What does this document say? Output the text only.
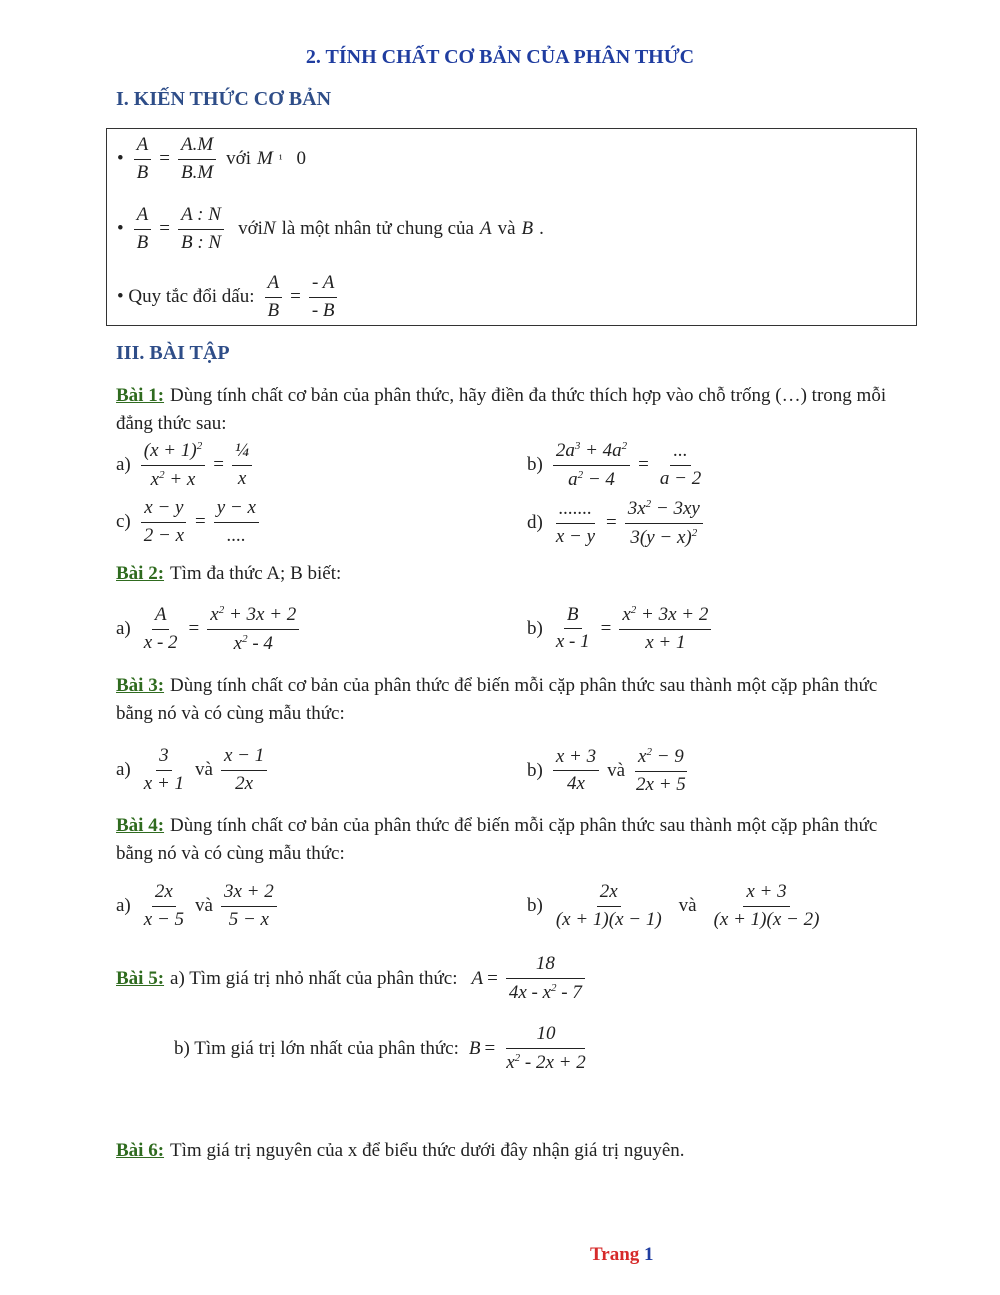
2. TÍNH CHẤT CƠ BẢN CỦA PHÂN THỨC
I. KIẾN THỨC CƠ BẢN
• $\frac{A}{B} = \frac{A.M}{B.M}$ với M ¹ 0
• $\frac{A}{B} = \frac{A : N}{B : N}$ với N là một nhân tử chung của A và B .
• Quy tắc đổi dấu: $\frac{A}{B} = \frac{- A}{- B}$
III. BÀI TẬP
Bài 1: Dùng tính chất cơ bản của phân thức, hãy điền đa thức thích hợp vào chỗ trống (…) trong mỗi đẳng thức sau:
$a) \frac{(x + 1)^2}{x^2 + x} = \frac{\text{¼}}{x}$	$b) \frac{2a^3 + 4a^2}{a^2 - 4} = \frac{...}{a - 2}$
$c) \frac{x - y}{2 - x} = \frac{y - x}{....}$	$d) \frac{.......}{x - y} = \frac{3x^2 - 3xy}{3(y - x)^2}$
Bài 2: Tìm đa thức A; B biết:
$a) \frac{A}{x - 2} = \frac{x^2 + 3x + 2}{x^2 - 4}$	$b) \frac{B}{x - 1} = \frac{x^2 + 3x + 2}{x + 1}$
Bài 3: Dùng tính chất cơ bản của phân thức để biến mỗi cặp phân thức sau thành một cặp phân thức bằng nó và có cùng mẫu thức:
$a) \frac{3}{x + 1}$ và $\frac{x - 1}{2x}$	$b) \frac{x + 3}{4x}$ và $\frac{x^2 - 9}{2x + 5}$
Bài 4: Dùng tính chất cơ bản của phân thức để biến mỗi cặp phân thức sau thành một cặp phân thức bằng nó và có cùng mẫu thức:
$a) \frac{2x}{x - 5}$ và $\frac{3x + 2}{5 - x}$	$b) \frac{2x}{(x + 1)(x - 1)}$ và $\frac{x + 3}{(x + 1)(x - 2)}$
Bài 5: a) Tìm giá trị nhỏ nhất của phân thức: $A = \frac{18}{4x - x^2 - 7}$
b) Tìm giá trị lớn nhất của phân thức: $B = \frac{10}{x^2 - 2x + 2}$
Bài 6: Tìm giá trị nguyên của x để biểu thức dưới đây nhận giá trị nguyên.
Trang 1
